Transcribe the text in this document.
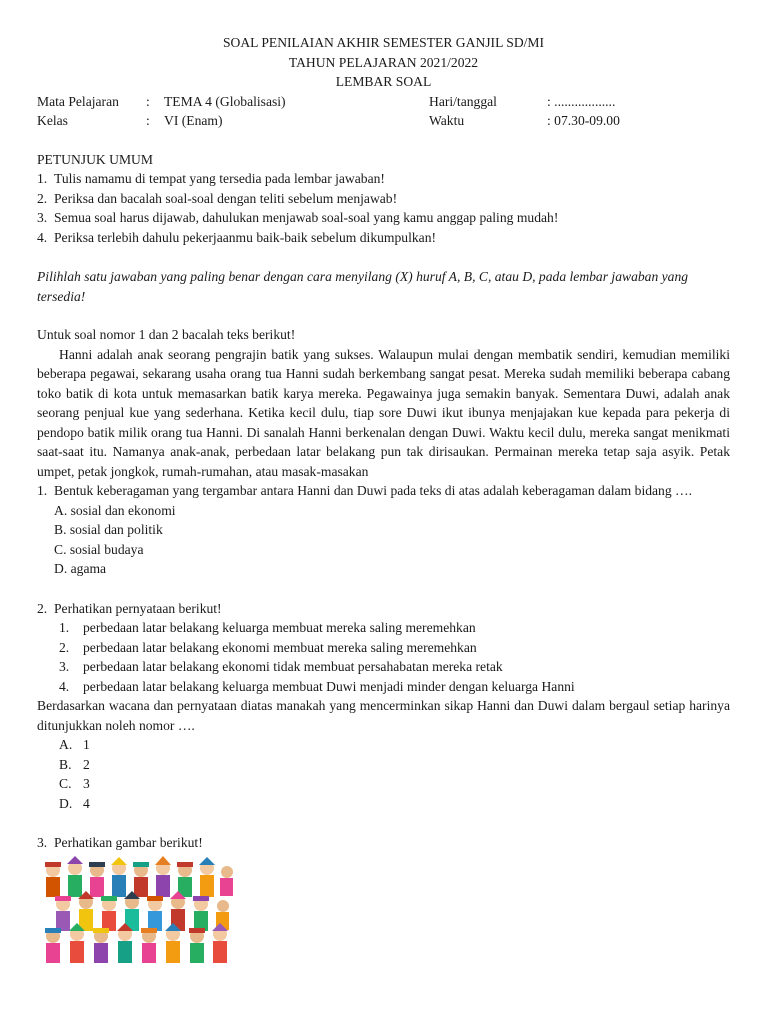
SOAL PENILAIAN AKHIR SEMESTER GANJIL SD/MI
TAHUN PELAJARAN 2021/2022
LEMBAR SOAL
Mata Pelajaran : TEMA 4 (Globalisasi)	Hari/tanggal	: ..................
Kelas	: VI (Enam)	Waktu	: 07.30-09.00
PETUNJUK UMUM
1. Tulis namamu di tempat yang tersedia pada lembar jawaban!
2. Periksa dan bacalah soal-soal dengan teliti sebelum menjawab!
3. Semua soal harus dijawab, dahulukan menjawab soal-soal yang kamu anggap paling mudah!
4. Periksa terlebih dahulu pekerjaanmu baik-baik sebelum dikumpulkan!
Pilihlah satu jawaban yang paling benar dengan cara menyilang (X) huruf A, B, C, atau D, pada lembar jawaban yang tersedia!
Untuk soal nomor 1 dan 2 bacalah teks berikut!
Hanni adalah anak seorang pengrajin batik yang sukses. Walaupun mulai dengan membatik sendiri, kemudian memiliki beberapa pegawai, sekarang usaha orang tua Hanni sudah berkembang sangat pesat. Mereka sudah memiliki beberapa cabang toko batik di kota untuk memasarkan batik karya mereka. Pegawainya juga semakin banyak. Sementara Duwi, adalah anak seorang penjual kue yang sederhana. Ketika kecil dulu, tiap sore Duwi ikut ibunya menjajakan kue kepada para pekerja di pendopo batik milik orang tua Hanni. Di sanalah Hanni berkenalan dengan Duwi. Waktu kecil dulu, mereka sangat menikmati saat-saat itu. Namanya anak-anak, perbedaan latar belakang pun tak dirisaukan. Permainan mereka tetap saja asyik. Petak umpet, petak jongkok, rumah-rumahan, atau masak-masakan
1. Bentuk keberagaman yang tergambar antara Hanni dan Duwi pada teks di atas adalah keberagaman dalam bidang ….
A. sosial dan ekonomi
B. sosial dan politik
C. sosial budaya
D. agama
2. Perhatikan pernyataan berikut!
1. perbedaan latar belakang keluarga membuat mereka saling meremehkan
2. perbedaan latar belakang ekonomi membuat mereka saling meremehkan
3. perbedaan latar belakang ekonomi tidak membuat persahabatan mereka retak
4. perbedaan latar belakang keluarga membuat Duwi menjadi minder dengan keluarga Hanni
Berdasarkan wacana dan pernyataan diatas manakah yang mencerminkan sikap Hanni dan Duwi dalam bergaul setiap harinya ditunjukkan noleh nomor ….
A. 1
B. 2
C. 3
D. 4
3. Perhatikan gambar berikut!
